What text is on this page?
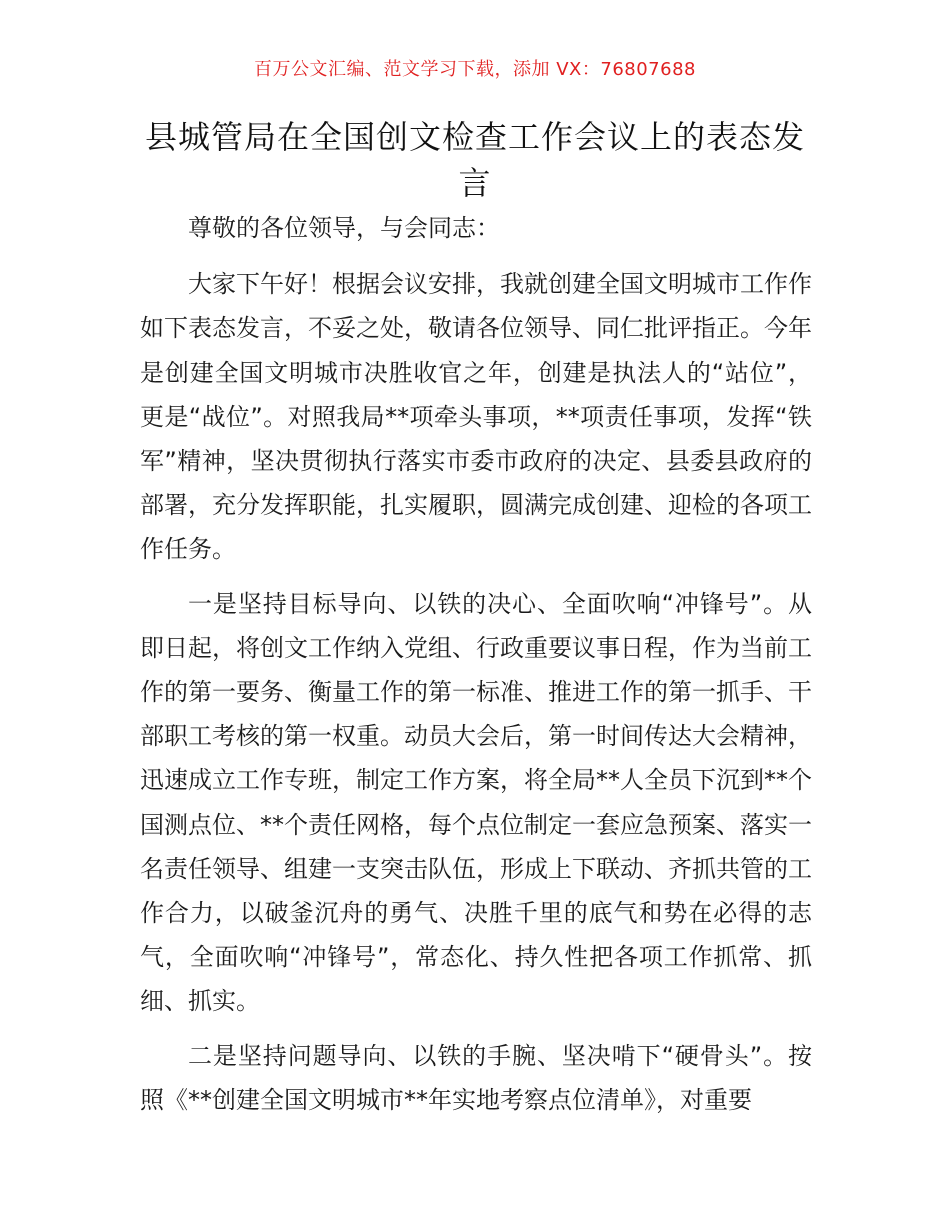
百万公文汇编、范文学习下载，添加 VX：76807688
县城管局在全国创文检查工作会议上的表态发言

尊敬的各位领导，与会同志：

大家下午好！根据会议安排，我就创建全国文明城市工作作如下表态发言，不妥之处，敬请各位领导、同仁批评指正。今年是创建全国文明城市决胜收官之年，创建是执法人的“站位”，更是“战位”。对照我局**项牵头事项，**项责任事项，发挥“铁军”精神，坚决贯彻执行落实市委市政府的决定、县委县政府的部署，充分发挥职能，扎实履职，圆满完成创建、迎检的各项工作任务。

一是坚持目标导向、以铁的决心、全面吹响“冲锋号”。从即日起，将创文工作纳入党组、行政重要议事日程，作为当前工作的第一要务、衡量工作的第一标准、推进工作的第一抓手、干部职工考核的第一权重。动员大会后，第一时间传达大会精神，迅速成立工作专班，制定工作方案，将全局**人全员下沉到**个国测点位、**个责任网格，每个点位制定一套应急预案、落实一名责任领导、组建一支突击队伍，形成上下联动、齐抓共管的工作合力，以破釜沉舟的勇气、决胜千里的底气和势在必得的志气，全面吹响“冲锋号”，常态化、持久性把各项工作抓常、抓细、抓实。

二是坚持问题导向、以铁的手腕、坚决啃下“硬骨头”。按照《**创建全国文明城市**年实地考察点位清单》，对重要
